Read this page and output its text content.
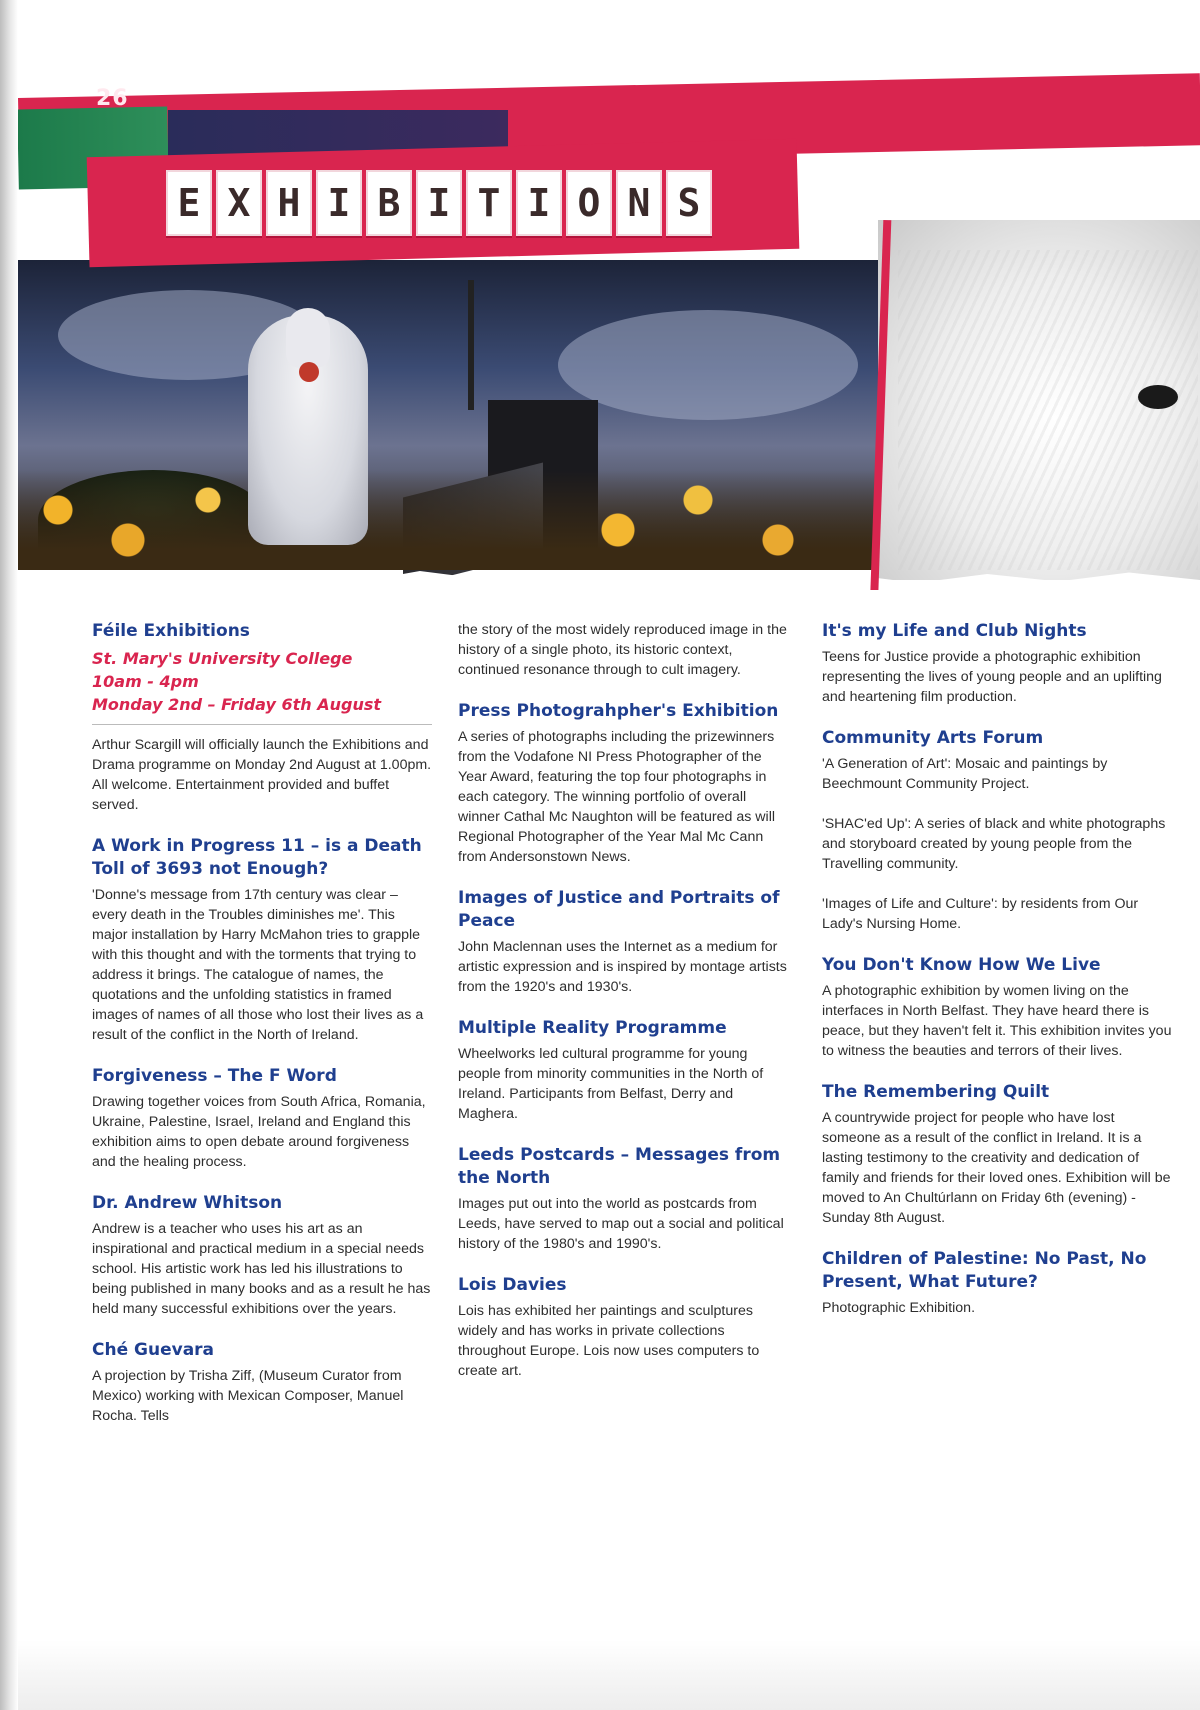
26
E X H I B I T I O N S
Féile Exhibitions
St. Mary's University College
10am - 4pm
Monday 2nd – Friday 6th August

Arthur Scargill will officially launch the Exhibitions and Drama programme on Monday 2nd August at 1.00pm. All welcome. Entertainment provided and buffet served.

A Work in Progress 11 – is a Death Toll of 3693 not Enough?

'Donne's message from 17th century was clear – every death in the Troubles diminishes me'. This major installation by Harry McMahon tries to grapple with this thought and with the torments that trying to address it brings. The catalogue of names, the quotations and the unfolding statistics in framed images of names of all those who lost their lives as a result of the conflict in the North of Ireland.

Forgiveness – The F Word

Drawing together voices from South Africa, Romania, Ukraine, Palestine, Israel, Ireland and England this exhibition aims to open debate around forgiveness and the healing process.

Dr. Andrew Whitson

Andrew is a teacher who uses his art as an inspirational and practical medium in a special needs school. His artistic work has led his illustrations to being published in many books and as a result he has held many successful exhibitions over the years.

Ché Guevara

A projection by Trisha Ziff, (Museum Curator from Mexico) working with Mexican Composer, Manuel Rocha. Tells

the story of the most widely reproduced image in the history of a single photo, its historic context, continued resonance through to cult imagery.

Press Photograhpher's Exhibition

A series of photographs including the prizewinners from the Vodafone NI Press Photographer of the Year Award, featuring the top four photographs in each category. The winning portfolio of overall winner Cathal Mc Naughton will be featured as will Regional Photographer of the Year Mal Mc Cann from Andersonstown News.

Images of Justice and Portraits of Peace

John Maclennan uses the Internet as a medium for artistic expression and is inspired by montage artists from the 1920's and 1930's.

Multiple Reality Programme

Wheelworks led cultural programme for young people from minority communities in the North of Ireland. Participants from Belfast, Derry and Maghera.

Leeds Postcards – Messages from the North

Images put out into the world as postcards from Leeds, have served to map out a social and political history of the 1980's and 1990's.

Lois Davies

Lois has exhibited her paintings and sculptures widely and has works in private collections throughout Europe. Lois now uses computers to create art.

It's my Life and Club Nights

Teens for Justice provide a photographic exhibition representing the lives of young people and an uplifting and heartening film production.

Community Arts Forum

'A Generation of Art': Mosaic and paintings by Beechmount Community Project.

'SHAC'ed Up': A series of black and white photographs and storyboard created by young people from the Travelling community.

'Images of Life and Culture': by residents from Our Lady's Nursing Home.

You Don't Know How We Live

A photographic exhibition by women living on the interfaces in North Belfast. They have heard there is peace, but they haven't felt it. This exhibition invites you to witness the beauties and terrors of their lives.

The Remembering Quilt

A countrywide project for people who have lost someone as a result of the conflict in Ireland. It is a lasting testimony to the creativity and dedication of family and friends for their loved ones. Exhibition will be moved to An Chultúrlann on Friday 6th (evening) - Sunday 8th August.

Children of Palestine: No Past, No Present, What Future?

Photographic Exhibition.
